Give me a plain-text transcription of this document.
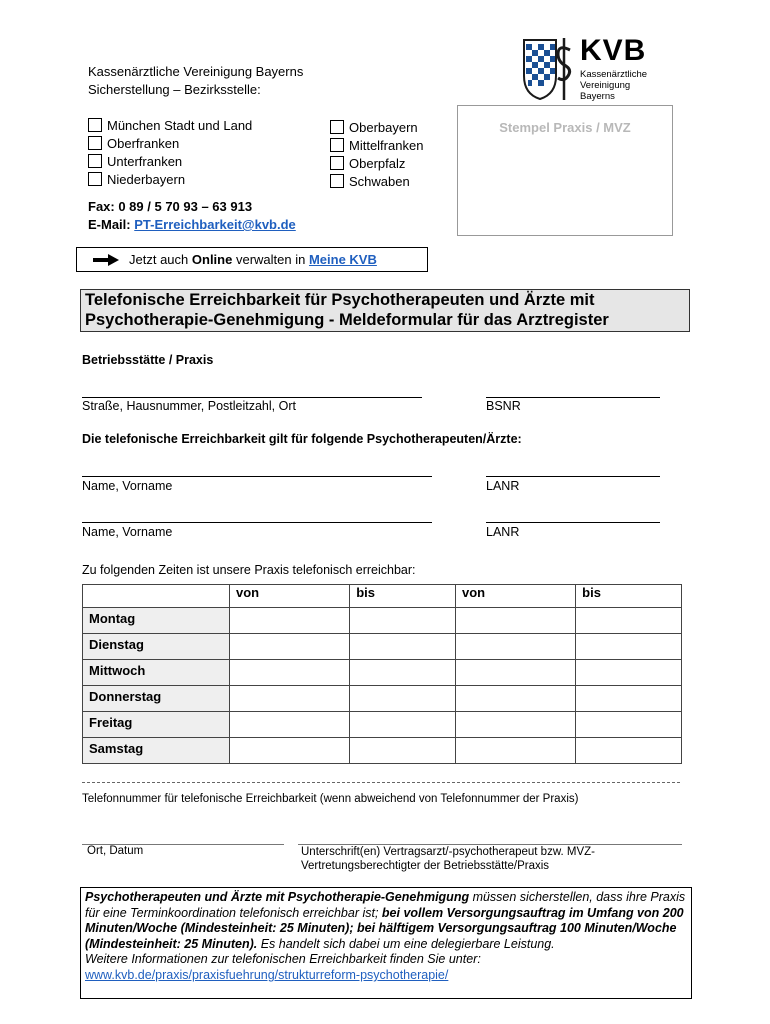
KVB
Kassenärztliche
Vereinigung
Bayerns
Kassenärztliche Vereinigung Bayerns
Sicherstellung – Bezirksstelle:
München Stadt und Land
Oberfranken
Unterfranken
Niederbayern
Oberbayern
Mittelfranken
Oberpfalz
Schwaben
Stempel Praxis / MVZ
Fax: 0 89 / 5 70 93 – 63 913
E-Mail: PT-Erreichbarkeit@kvb.de
Jetzt auch
Online
verwalten in
Meine KVB
Telefonische Erreichbarkeit für Psychotherapeuten und Ärzte mit
Psychotherapie-Genehmigung - Meldeformular für das Arztregister
Betriebsstätte / Praxis
Straße, Hausnummer, Postleitzahl, Ort	BSNR
Die telefonische Erreichbarkeit gilt für folgende Psychotherapeuten/Ärzte:
Name, Vorname	LANR
Name, Vorname	LANR
Zu folgenden Zeiten ist unsere Praxis telefonisch erreichbar:
	von	bis	von	bis
Montag				
Dienstag				
Mittwoch				
Donnerstag				
Freitag				
Samstag				
Telefonnummer für telefonische Erreichbarkeit (wenn abweichend von Telefonnummer der Praxis)
Ort, Datum	Unterschrift(en) Vertragsarzt/-psychotherapeut bzw. MVZ-
Vertretungsberechtigter der Betriebsstätte/Praxis
Psychotherapeuten und Ärzte mit Psychotherapie-Genehmigung müssen sicherstellen, dass ihre Praxis für eine Terminkoordination telefonisch erreichbar ist; bei vollem Versorgungsauftrag im Umfang von 200 Minuten/Woche (Mindesteinheit: 25 Minuten); bei hälftigem Versorgungsauftrag 100 Minuten/Woche (Mindesteinheit: 25 Minuten). Es handelt sich dabei um eine delegierbare Leistung.
Weitere Informationen zur telefonischen Erreichbarkeit finden Sie unter:
www.kvb.de/praxis/praxisfuehrung/strukturreform-psychotherapie/
